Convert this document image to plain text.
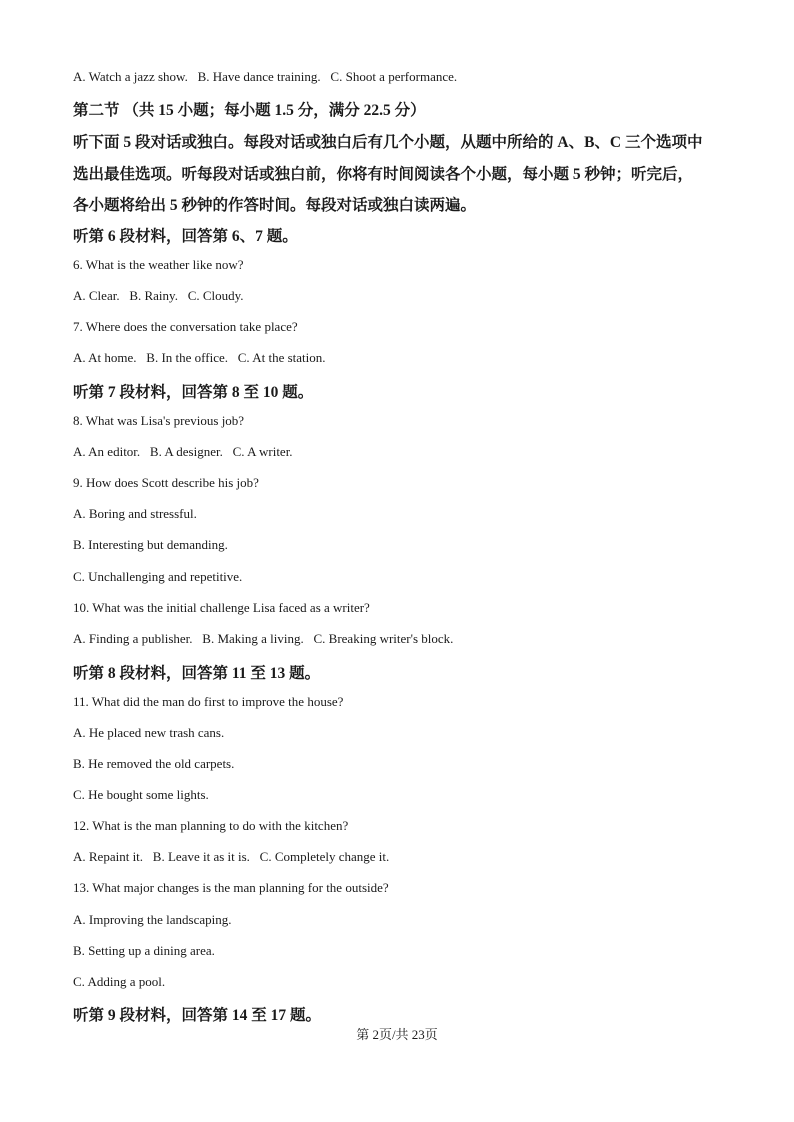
A. Watch a jazz show.   B. Have dance training.   C. Shoot a performance.
第二节 （共 15 小题；每小题 1.5 分，满分 22.5 分）
听下面 5 段对话或独白。每段对话或独白后有几个小题，从题中所给的 A、B、C 三个选项中
选出最佳选项。听每段对话或独白前，你将有时间阅读各个小题，每小题 5 秒钟；听完后，
各小题将给出 5 秒钟的作答时间。每段对话或独白读两遍。
听第 6 段材料，回答第 6、7 题。
6. What is the weather like now?
A. Clear.   B. Rainy.   C. Cloudy.
7. Where does the conversation take place?
A. At home.   B. In the office.   C. At the station.
听第 7 段材料，回答第 8 至 10 题。
8. What was Lisa's previous job?
A. An editor.   B. A designer.   C. A writer.
9. How does Scott describe his job?
A. Boring and stressful.
B. Interesting but demanding.
C. Unchallenging and repetitive.
10. What was the initial challenge Lisa faced as a writer?
A. Finding a publisher.   B. Making a living.   C. Breaking writer's block.
听第 8 段材料，回答第 11 至 13 题。
11. What did the man do first to improve the house?
A. He placed new trash cans.
B. He removed the old carpets.
C. He bought some lights.
12. What is the man planning to do with the kitchen?
A. Repaint it.   B. Leave it as it is.   C. Completely change it.
13. What major changes is the man planning for the outside?
A. Improving the landscaping.
B. Setting up a dining area.
C. Adding a pool.
听第 9 段材料，回答第 14 至 17 题。
第 2页/共 23页
